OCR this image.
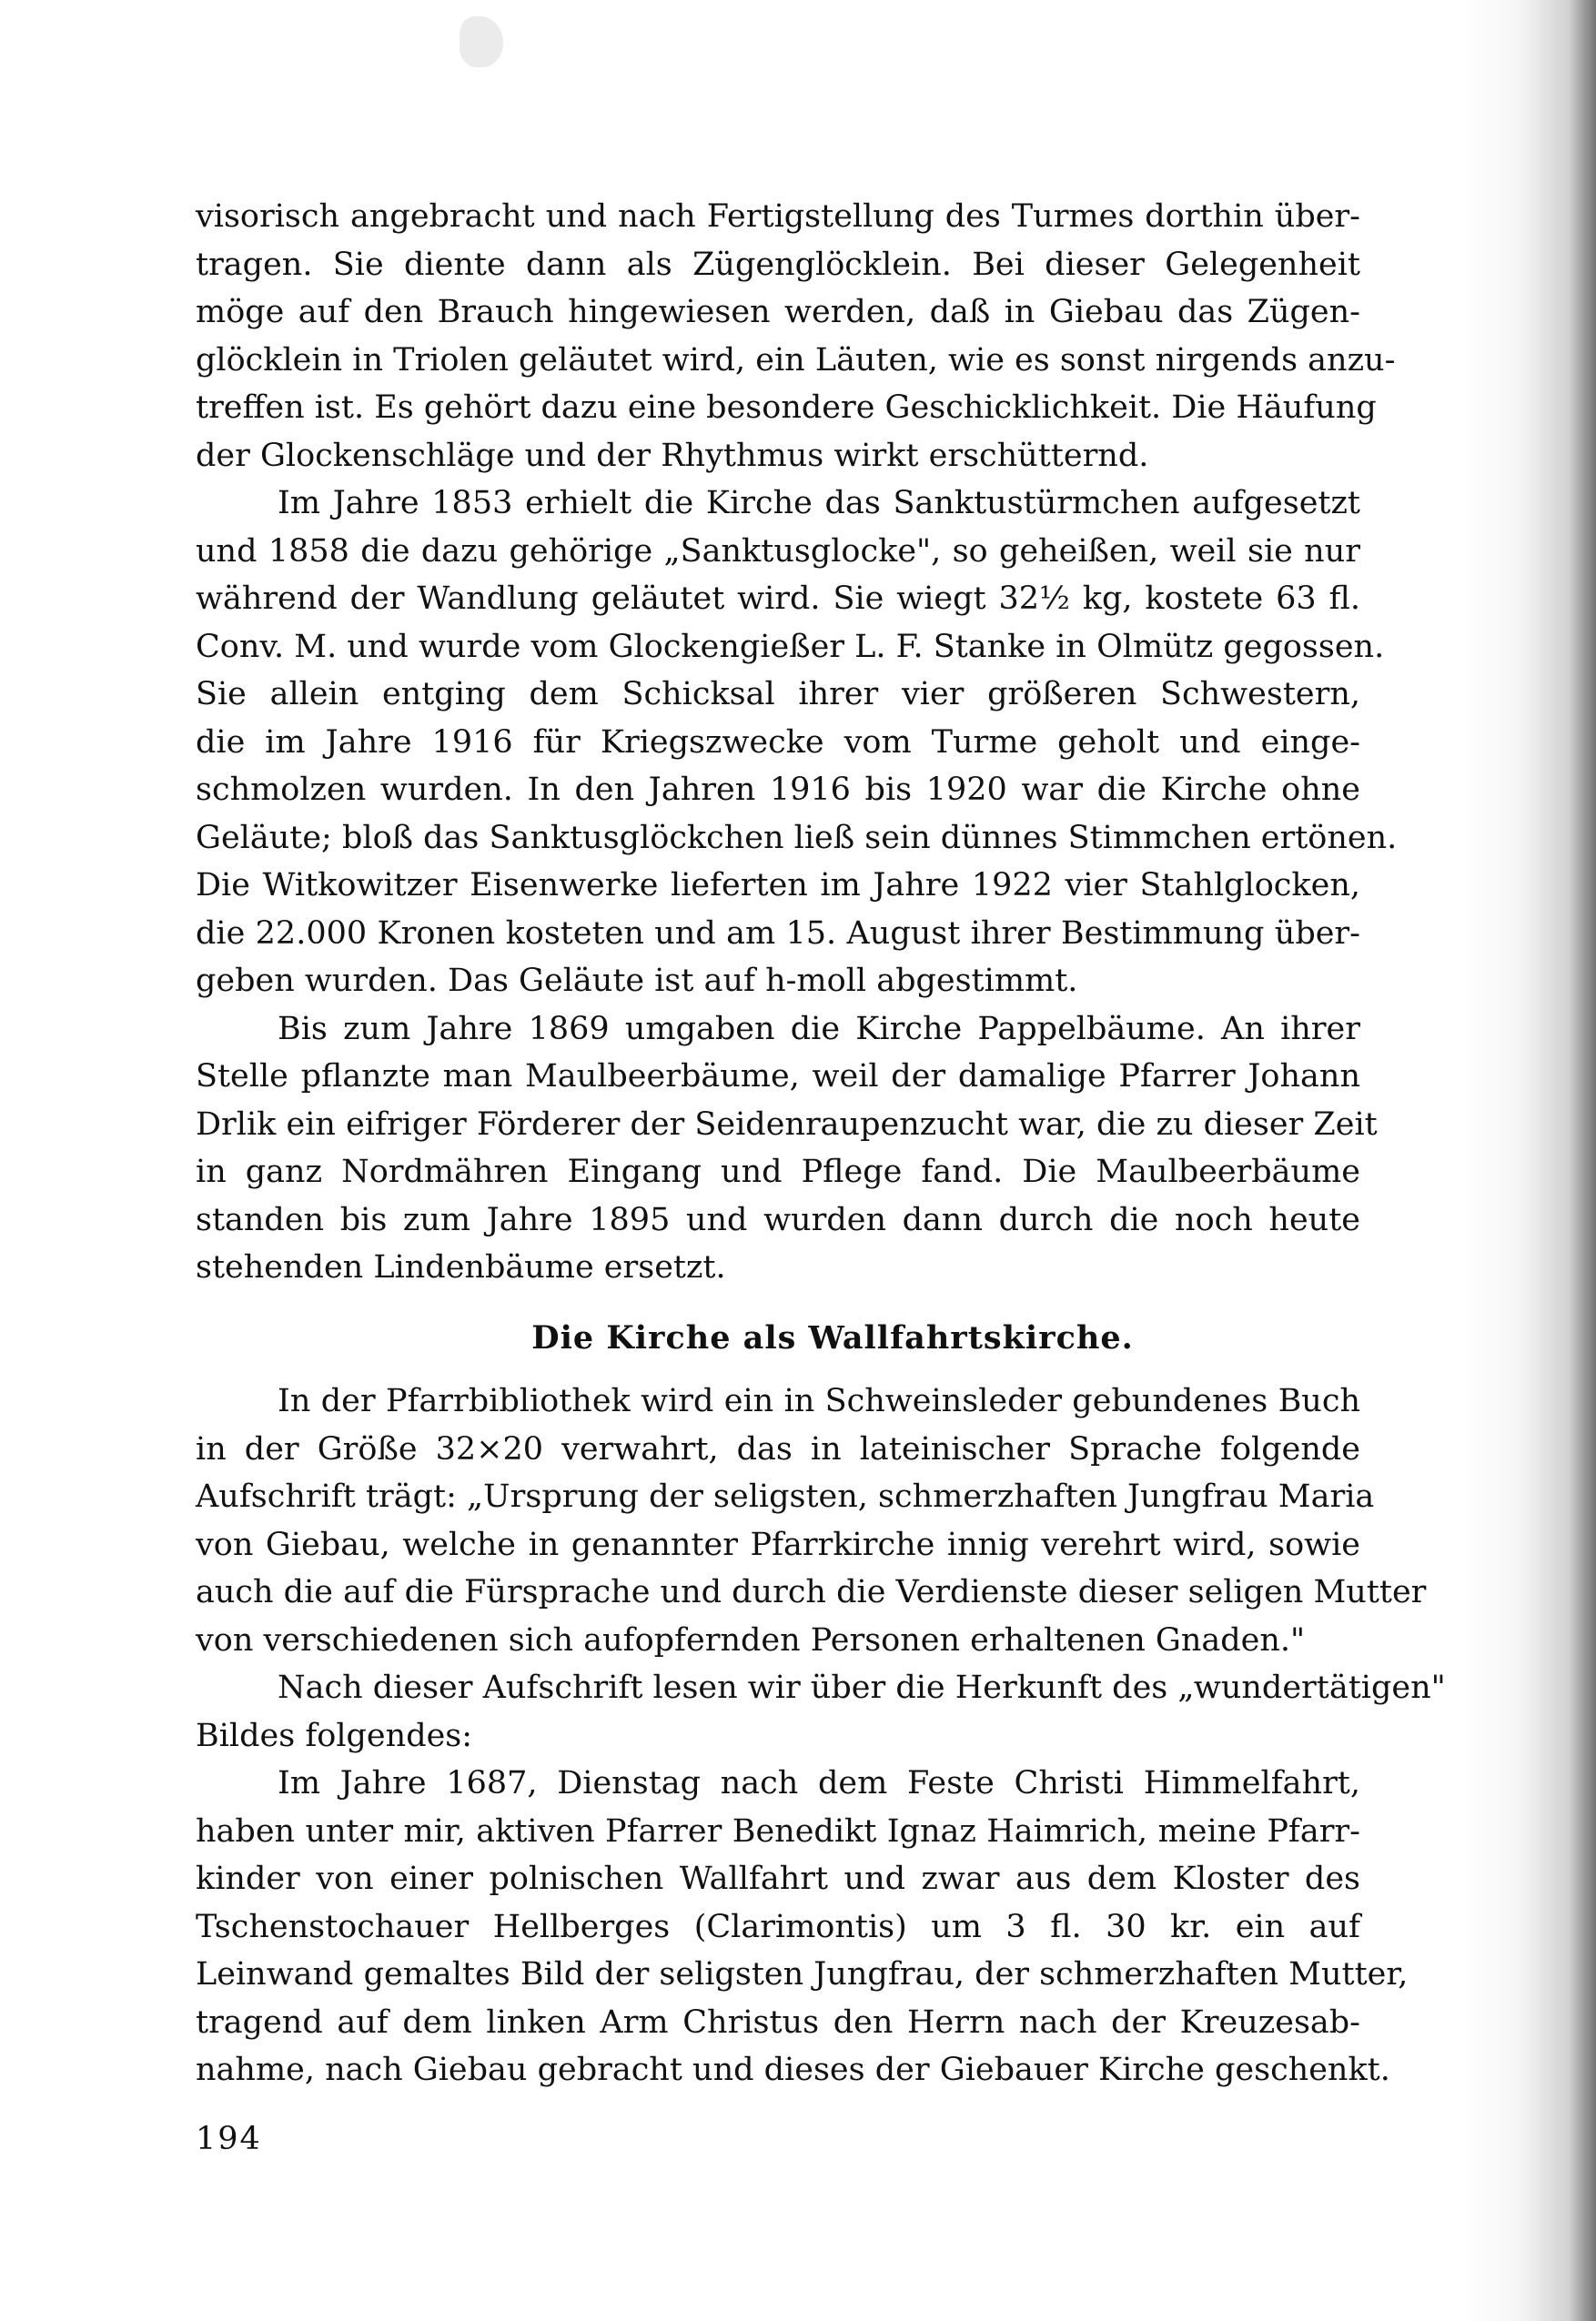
visorisch angebracht und nach Fertigstellung des Turmes dorthin über-
tragen. Sie diente dann als Zügenglöcklein. Bei dieser Gelegenheit
möge auf den Brauch hingewiesen werden, daß in Giebau das Zügen-
glöcklein in Triolen geläutet wird, ein Läuten, wie es sonst nirgends anzu-
treffen ist. Es gehört dazu eine besondere Geschicklichkeit. Die Häufung
der Glockenschläge und der Rhythmus wirkt erschütternd.
Im Jahre 1853 erhielt die Kirche das Sanktustürmchen aufgesetzt
und 1858 die dazu gehörige „Sanktusglocke", so geheißen, weil sie nur
während der Wandlung geläutet wird. Sie wiegt 32½ kg, kostete 63 fl.
Conv. M. und wurde vom Glockengießer L. F. Stanke in Olmütz gegossen.
Sie allein entging dem Schicksal ihrer vier größeren Schwestern,
die im Jahre 1916 für Kriegszwecke vom Turme geholt und einge-
schmolzen wurden. In den Jahren 1916 bis 1920 war die Kirche ohne
Geläute; bloß das Sanktusglöckchen ließ sein dünnes Stimmchen ertönen.
Die Witkowitzer Eisenwerke lieferten im Jahre 1922 vier Stahlglocken,
die 22.000 Kronen kosteten und am 15. August ihrer Bestimmung über-
geben wurden. Das Geläute ist auf h-moll abgestimmt.
Bis zum Jahre 1869 umgaben die Kirche Pappelbäume. An ihrer
Stelle pflanzte man Maulbeerbäume, weil der damalige Pfarrer Johann
Drlik ein eifriger Förderer der Seidenraupenzucht war, die zu dieser Zeit
in ganz Nordmähren Eingang und Pflege fand. Die Maulbeerbäume
standen bis zum Jahre 1895 und wurden dann durch die noch heute
stehenden Lindenbäume ersetzt.
Die Kirche als Wallfahrtskirche.
In der Pfarrbibliothek wird ein in Schweinsleder gebundenes Buch
in der Größe 32×20 verwahrt, das in lateinischer Sprache folgende
Aufschrift trägt: „Ursprung der seligsten, schmerzhaften Jungfrau Maria
von Giebau, welche in genannter Pfarrkirche innig verehrt wird, sowie
auch die auf die Fürsprache und durch die Verdienste dieser seligen Mutter
von verschiedenen sich aufopfernden Personen erhaltenen Gnaden."
Nach dieser Aufschrift lesen wir über die Herkunft des „wundertätigen"
Bildes folgendes:
Im Jahre 1687, Dienstag nach dem Feste Christi Himmelfahrt,
haben unter mir, aktiven Pfarrer Benedikt Ignaz Haimrich, meine Pfarr-
kinder von einer polnischen Wallfahrt und zwar aus dem Kloster des
Tschenstochauer Hellberges (Clarimontis) um 3 fl. 30 kr. ein auf
Leinwand gemaltes Bild der seligsten Jungfrau, der schmerzhaften Mutter,
tragend auf dem linken Arm Christus den Herrn nach der Kreuzesab-
nahme, nach Giebau gebracht und dieses der Giebauer Kirche geschenkt.
194
